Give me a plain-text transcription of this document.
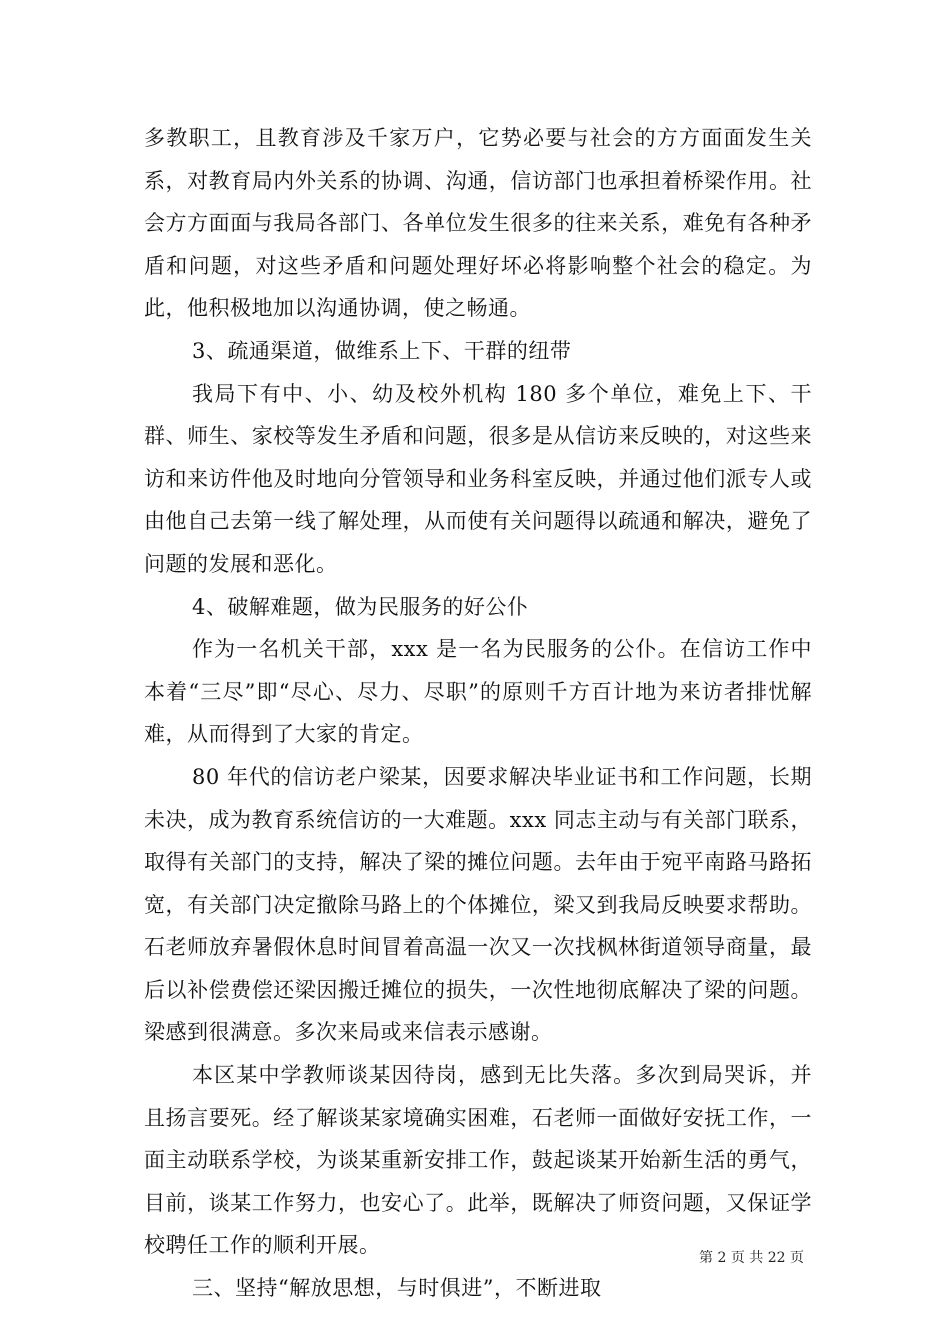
多教职工，且教育涉及千家万户，它势必要与社会的方方面面发生关系，对教育局内外关系的协调、沟通，信访部门也承担着桥梁作用。社会方方面面与我局各部门、各单位发生很多的往来关系，难免有各种矛盾和问题，对这些矛盾和问题处理好坏必将影响整个社会的稳定。为此，他积极地加以沟通协调，使之畅通。

3、疏通渠道，做维系上下、干群的纽带

我局下有中、小、幼及校外机构 180 多个单位，难免上下、干群、师生、家校等发生矛盾和问题，很多是从信访来反映的，对这些来访和来访件他及时地向分管领导和业务科室反映，并通过他们派专人或由他自己去第一线了解处理，从而使有关问题得以疏通和解决，避免了问题的发展和恶化。

4、破解难题，做为民服务的好公仆

作为一名机关干部，xxx 是一名为民服务的公仆。在信访工作中本着“三尽”即“尽心、尽力、尽职”的原则千方百计地为来访者排忧解难，从而得到了大家的肯定。

80 年代的信访老户梁某，因要求解决毕业证书和工作问题，长期未决，成为教育系统信访的一大难题。xxx 同志主动与有关部门联系，取得有关部门的支持，解决了梁的摊位问题。去年由于宛平南路马路拓宽，有关部门决定撤除马路上的个体摊位，梁又到我局反映要求帮助。石老师放弃暑假休息时间冒着高温一次又一次找枫林街道领导商量，最后以补偿费偿还梁因搬迁摊位的损失，一次性地彻底解决了梁的问题。梁感到很满意。多次来局或来信表示感谢。

本区某中学教师谈某因待岗，感到无比失落。多次到局哭诉，并且扬言要死。经了解谈某家境确实困难，石老师一面做好安抚工作，一面主动联系学校，为谈某重新安排工作，鼓起谈某开始新生活的勇气，目前，谈某工作努力，也安心了。此举，既解决了师资问题，又保证学校聘任工作的顺利开展。

三、坚持“解放思想，与时俱进”，不断进取

第 2 页 共 22 页
